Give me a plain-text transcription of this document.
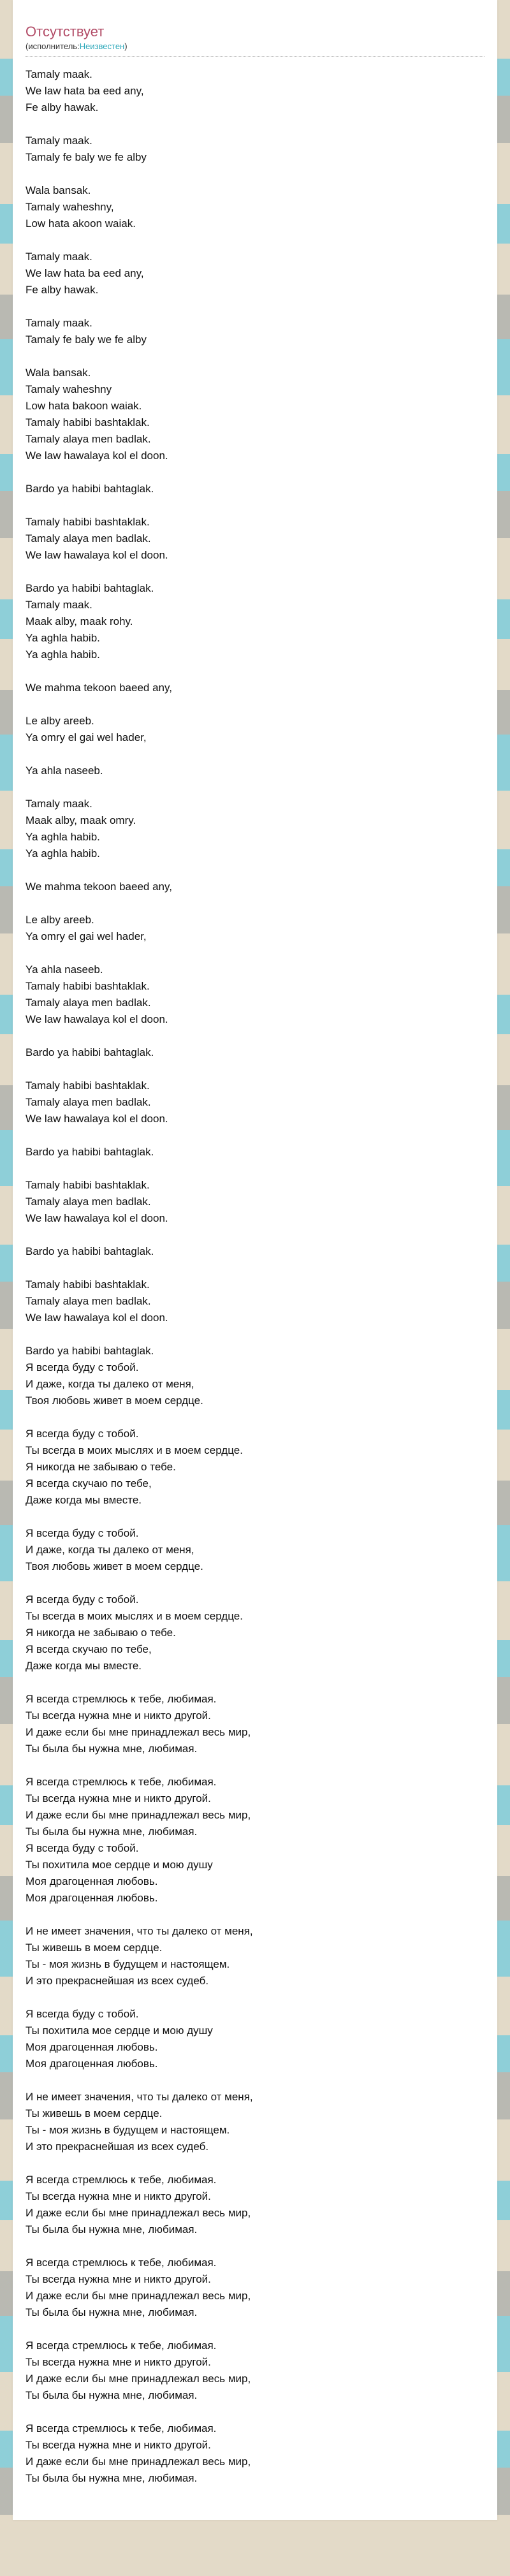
Отсутствует
(исполнитель:Неизвестен)
Tamaly maak.
We law hata ba eed any,
Fe alby hawak.

Tamaly maak.
Tamaly fe baly we fe alby

Wala bansak.
Tamaly waheshny,
Low hata akoon waiak.

Tamaly maak.
We law hata ba eed any,
Fe alby hawak.

Tamaly maak.
Tamaly fe baly we fe alby

Wala bansak.
Tamaly waheshny
Low hata bakoon waiak.
Tamaly habibi bashtaklak.
Tamaly alaya men badlak.
We law hawalaya kol el doon.

Bardo ya habibi bahtaglak.

Tamaly habibi bashtaklak.
Tamaly alaya men badlak.
We law hawalaya kol el doon.

Bardo ya habibi bahtaglak.
Tamaly maak.
Maak alby, maak rohy.
Ya aghla habib.
Ya aghla habib.

We mahma tekoon baeed any,

Le alby areeb.
Ya omry el gai wel hader,

Ya ahla naseeb.

Tamaly maak.
Maak alby, maak omry.
Ya aghla habib.
Ya aghla habib.

We mahma tekoon baeed any,

Le alby areeb.
Ya omry el gai wel hader,

Ya ahla naseeb.
Tamaly habibi bashtaklak.
Tamaly alaya men badlak.
We law hawalaya kol el doon.

Bardo ya habibi bahtaglak.

Tamaly habibi bashtaklak.
Tamaly alaya men badlak.
We law hawalaya kol el doon.

Bardo ya habibi bahtaglak.

Tamaly habibi bashtaklak.
Tamaly alaya men badlak.
We law hawalaya kol el doon.

Bardo ya habibi bahtaglak.

Tamaly habibi bashtaklak.
Tamaly alaya men badlak.
We law hawalaya kol el doon.

Bardo ya habibi bahtaglak.
Я всегда буду с тобой.
И даже, когда ты далеко от меня,
Твоя любовь живет в моем сердце.

Я всегда буду с тобой.
Ты всегда в моих мыслях и в моем сердце.
Я никогда не забываю о тебе.
Я всегда скучаю по тебе,
Даже когда мы вместе.

Я всегда буду с тобой.
И даже, когда ты далеко от меня,
Твоя любовь живет в моем сердце.

Я всегда буду с тобой.
Ты всегда в моих мыслях и в моем сердце.
Я никогда не забываю о тебе.
Я всегда скучаю по тебе,
Даже когда мы вместе.

Я всегда стремлюсь к тебе, любимая.
Ты всегда нужна мне и никто другой.
И даже если бы мне принадлежал весь мир,
Ты была бы нужна мне, любимая.

Я всегда стремлюсь к тебе, любимая.
Ты всегда нужна мне и никто другой.
И даже если бы мне принадлежал весь мир,
Ты была бы нужна мне, любимая.
Я всегда буду с тобой.
Ты похитила мое сердце и мою душу
Моя драгоценная любовь.
Моя драгоценная любовь.

И не имеет значения, что ты далеко от меня,
Ты живешь в моем сердце.
Ты - моя жизнь в будущем и настоящем.
И это прекраснейшая из всех судеб.

Я всегда буду с тобой.
Ты похитила мое сердце и мою душу
Моя драгоценная любовь.
Моя драгоценная любовь.

И не имеет значения, что ты далеко от меня,
Ты живешь в моем сердце.
Ты - моя жизнь в будущем и настоящем.
И это прекраснейшая из всех судеб.

Я всегда стремлюсь к тебе, любимая.
Ты всегда нужна мне и никто другой.
И даже если бы мне принадлежал весь мир,
Ты была бы нужна мне, любимая.

Я всегда стремлюсь к тебе, любимая.
Ты всегда нужна мне и никто другой.
И даже если бы мне принадлежал весь мир,
Ты была бы нужна мне, любимая.

Я всегда стремлюсь к тебе, любимая.
Ты всегда нужна мне и никто другой.
И даже если бы мне принадлежал весь мир,
Ты была бы нужна мне, любимая.

Я всегда стремлюсь к тебе, любимая.
Ты всегда нужна мне и никто другой.
И даже если бы мне принадлежал весь мир,
Ты была бы нужна мне, любимая.
